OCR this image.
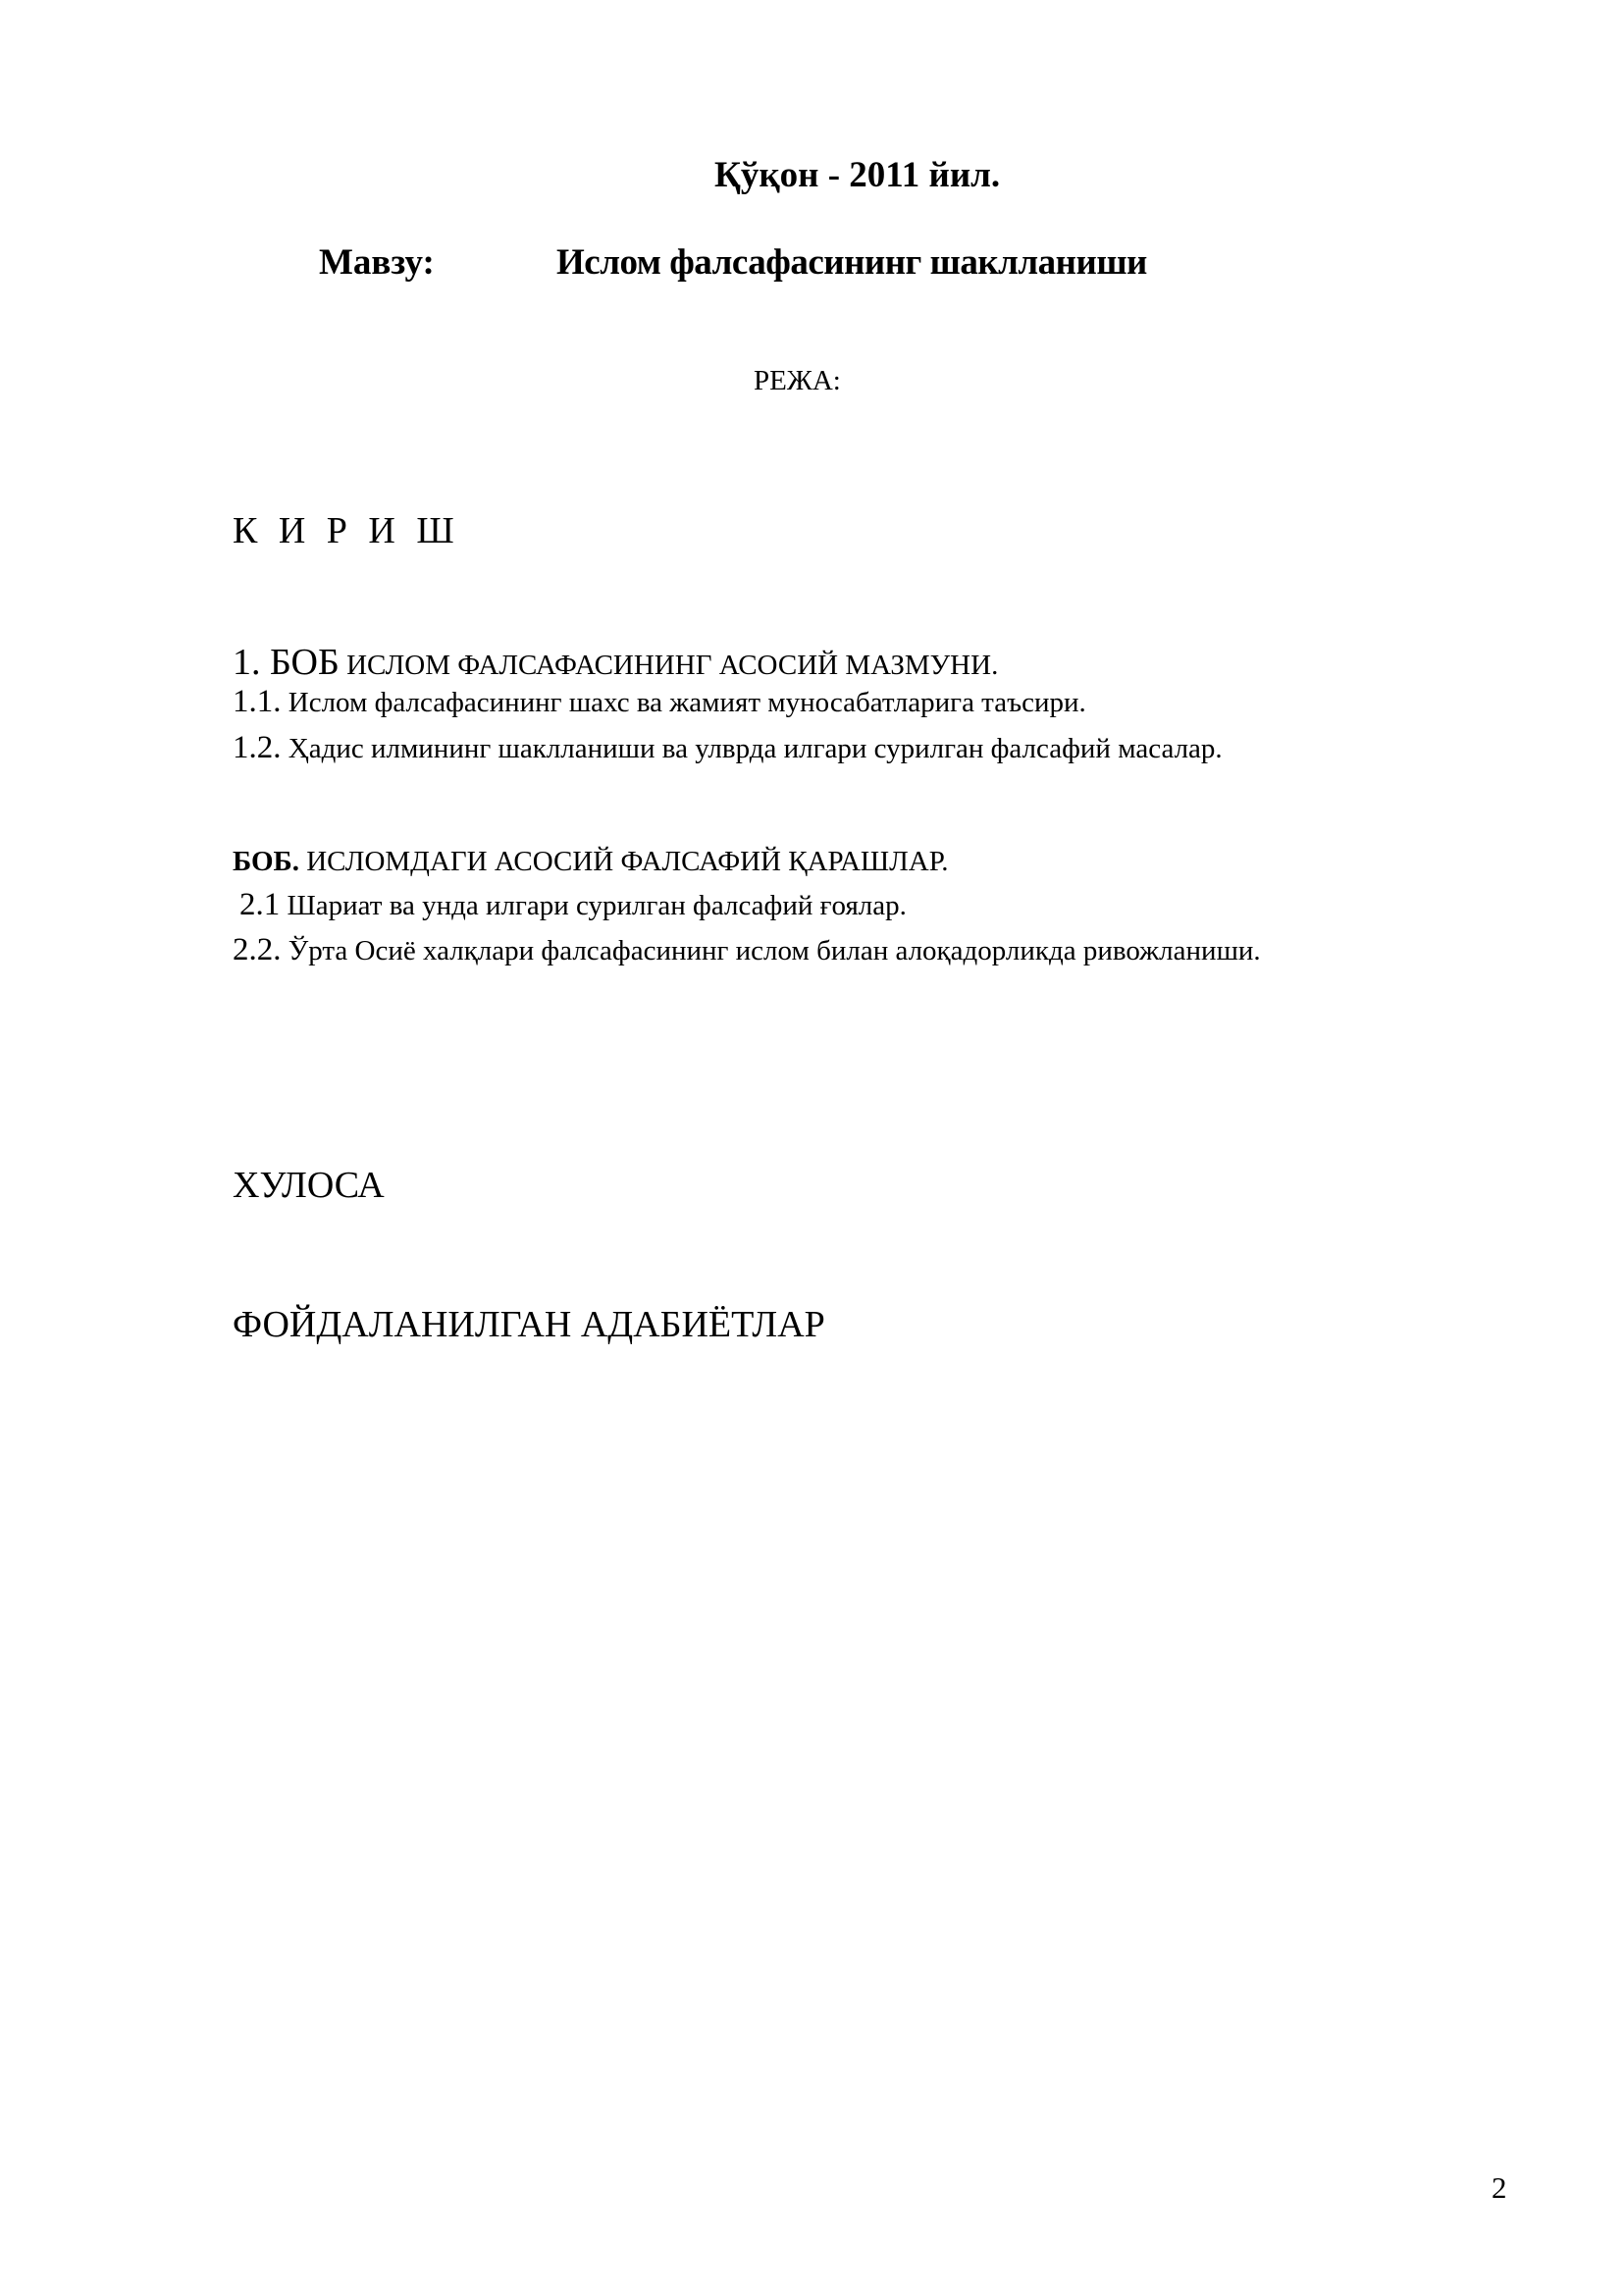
Қўқон - 2011 йил.
Мавзу:	Ислом фалсафасининг шаклланиши
РЕЖА:
К И Р И Ш
1. БОБ ИСЛОМ ФАЛСАФАСИНИНГ АСОСИЙ МАЗМУНИ.
1.1. Ислом фалсафасининг шахс ва жамият муносабатларига таъсири.
1.2. Ҳадис илмининг шаклланиши ва улврда илгари сурилган фалсафий масалар.
БОБ. ИСЛОМДАГИ АСОСИЙ ФАЛСАФИЙ ҚАРАШЛАР.
2.1 Шариат ва унда илгари сурилган фалсафий ғоялар.
2.2. Ўрта Осиё халқлари фалсафасининг ислом билан алоқадорликда ривожланиши.
ХУЛОСА
ФОЙДАЛАНИЛГАН АДАБИЁТЛАР
2
